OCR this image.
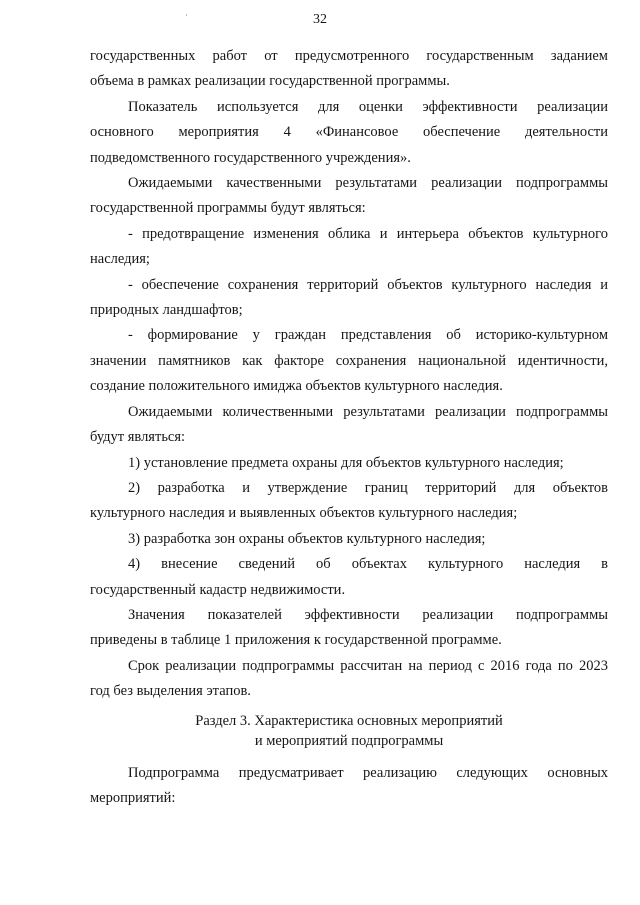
32

государственных работ от предусмотренного государственным заданием
объема в рамках реализации государственной программы.

Показатель используется для оценки эффективности реализации
основного мероприятия 4 «Финансовое обеспечение деятельности
подведомственного государственного учреждения».

Ожидаемыми качественными результатами реализации подпрограммы
государственной программы будут являться:

- предотвращение изменения облика и интерьера объектов культурного
наследия;

- обеспечение сохранения территорий объектов культурного наследия и
природных ландшафтов;

- формирование у граждан представления об историко-культурном
значении памятников как факторе сохранения национальной идентичности,
создание положительного имиджа объектов культурного наследия.

Ожидаемыми количественными результатами реализации подпрограммы
будут являться:

1) установление предмета охраны для объектов культурного наследия;

2) разработка и утверждение границ территорий для объектов
культурного наследия и выявленных объектов культурного наследия;

3) разработка зон охраны объектов культурного наследия;

4) внесение сведений об объектах культурного наследия в
государственный кадастр недвижимости.

Значения показателей эффективности реализации подпрограммы
приведены в таблице 1 приложения к государственной программе.

Срок реализации подпрограммы рассчитан на период с 2016 года по 2023
год без выделения этапов.

Раздел 3. Характеристика основных мероприятий
и мероприятий подпрограммы

Подпрограмма предусматривает реализацию следующих основных
мероприятий:
